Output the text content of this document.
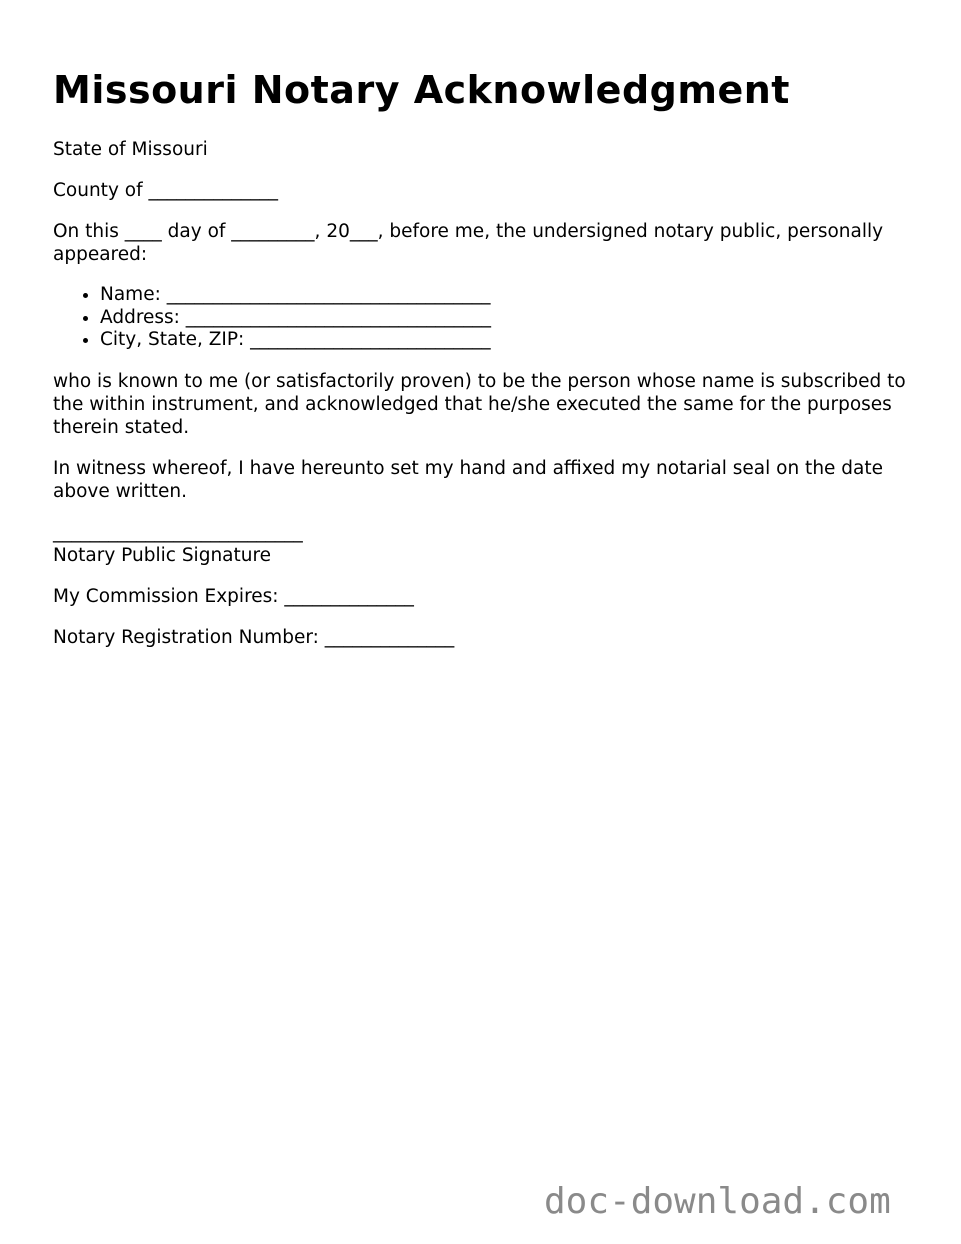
Missouri Notary Acknowledgment

State of Missouri

County of ______________

On this ____ day of _________, 20___, before me, the undersigned notary public, personally appeared:

• Name: ___________________________________
• Address: _________________________________
• City, State, ZIP: __________________________

who is known to me (or satisfactorily proven) to be the person whose name is subscribed to the within instrument, and acknowledged that he/she executed the same for the purposes therein stated.

In witness whereof, I have hereunto set my hand and affixed my notarial seal on the date above written.

___________________________

Notary Public Signature

My Commission Expires: ______________

Notary Registration Number: ______________

doc-download.com
